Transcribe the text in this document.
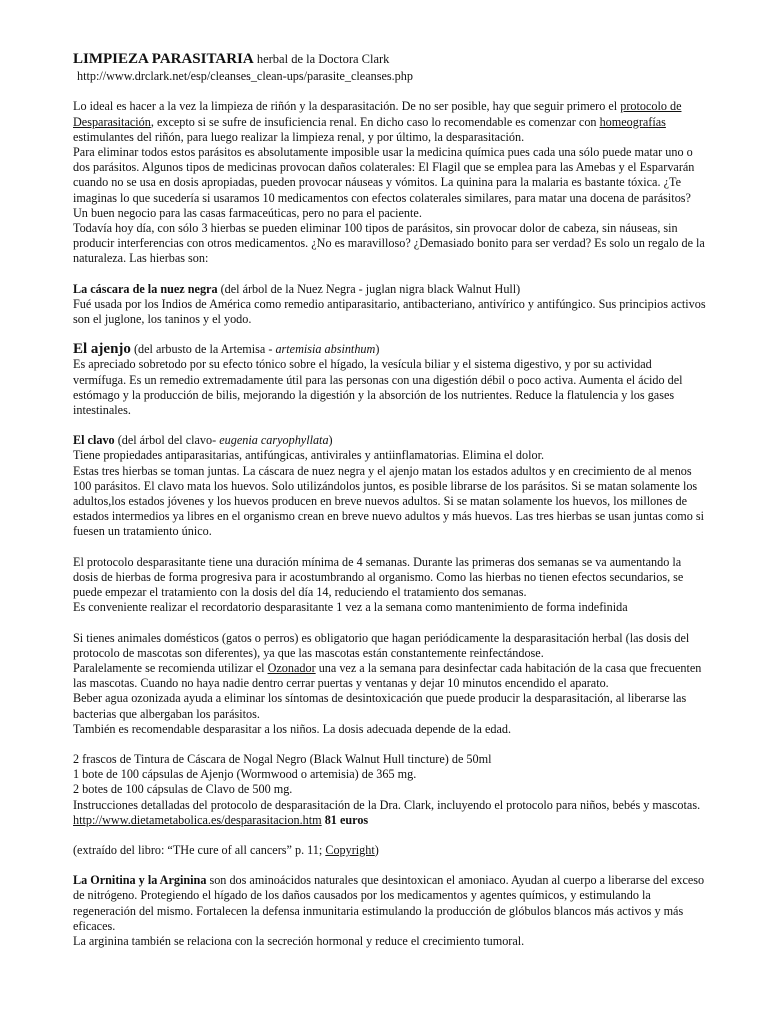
LIMPIEZA PARASITARIA herbal de la Doctora Clark

http://www.drclark.net/esp/cleanses_clean-ups/parasite_cleanses.php

Lo ideal es hacer a la vez la limpieza de riñón y la desparasitación. De no ser posible, hay que seguir primero el protocolo de Desparasitación, excepto si se sufre de insuficiencia renal. En dicho caso lo recomendable es comenzar con homeografías estimulantes del riñón, para luego realizar la limpieza renal, y por último, la desparasitación.

Para eliminar todos estos parásitos es absolutamente imposible usar la medicina química pues cada una sólo puede matar uno o dos parásitos. Algunos tipos de medicinas provocan daños colaterales: El Flagil que se emplea para las Amebas y el Esparvarán cuando no se usa en dosis apropiadas, pueden provocar náuseas y vómitos. La quinina para la malaria es bastante tóxica. ¿Te imaginas lo que sucedería si usaramos 10 medicamentos con efectos colaterales similares, para matar una docena de parásitos? Un buen negocio para las casas farmaceúticas, pero no para el paciente.

Todavía hoy día, con sólo 3 hierbas se pueden eliminar 100 tipos de parásitos, sin provocar dolor de cabeza, sin náuseas, sin producir interferencias con otros medicamentos. ¿No es maravilloso? ¿Demasiado bonito para ser verdad? Es solo un regalo de la naturaleza. Las hierbas son:

La cáscara de la nuez negra (del árbol de la Nuez Negra - juglan nigra black Walnut Hull)

Fué usada por los Indios de América como remedio antiparasitario, antibacteriano, antivírico y antifúngico. Sus principios activos son el juglone, los taninos y el yodo.

El ajenjo (del arbusto de la Artemisa - artemisia absinthum)

Es apreciado sobretodo por su efecto tónico sobre el hígado, la vesícula biliar y el sistema digestivo, y por su actividad vermífuga. Es un remedio extremadamente útil para las personas con una digestión débil o poco activa. Aumenta el ácido del estómago y la producción de bilis, mejorando la digestión y la absorción de los nutrientes. Reduce la flatulencia y los gases intestinales.

El clavo (del árbol del clavo- eugenia caryophyllata)

Tiene propiedades antiparasitarias, antifúngicas, antivirales y antiinflamatorias. Elimina el dolor.

Estas tres hierbas se toman juntas. La cáscara de nuez negra y el ajenjo matan los estados adultos y en crecimiento de al menos 100 parásitos. El clavo mata los huevos. Solo utilizándolos juntos, es posible librarse de los parásitos. Si se matan solamente los adultos,los estados jóvenes y los huevos producen en breve nuevos adultos. Si se matan solamente los huevos, los millones de estados intermedios ya libres en el organismo crean en breve nuevo adultos y más huevos. Las tres hierbas se usan juntas como si fuesen un tratamiento único.

El protocolo desparasitante tiene una duración mínima de 4 semanas. Durante las primeras dos semanas se va aumentando la dosis de hierbas de forma progresiva para ir acostumbrando al organismo. Como las hierbas no tienen efectos secundarios, se puede empezar el tratamiento con la dosis del día 14, reduciendo el tratamiento dos semanas.

Es conveniente realizar el recordatorio desparasitante 1 vez a la semana como mantenimiento de forma indefinida

Si tienes animales domésticos (gatos o perros) es obligatorio que hagan periódicamente la desparasitación herbal (las dosis del protocolo de mascotas son diferentes), ya que las mascotas están constantemente reinfectándose.

Paralelamente se recomienda utilizar el Ozonador una vez a la semana para desinfectar cada habitación de la casa que frecuenten las mascotas. Cuando no haya nadie dentro cerrar puertas y ventanas y dejar 10 minutos encendido el aparato.

Beber agua ozonizada ayuda a eliminar los síntomas de desintoxicación que puede producir la desparasitación, al liberarse las bacterias que albergaban los parásitos.

También es recomendable desparasitar a los niños. La dosis adecuada depende de la edad.

2 frascos de Tintura de Cáscara de Nogal Negro (Black Walnut Hull tincture) de 50ml

1 bote de 100 cápsulas de Ajenjo (Wormwood o artemisia) de 365 mg.

2 botes de 100 cápsulas de Clavo de 500 mg.

Instrucciones detalladas del protocolo de desparasitación de la Dra. Clark, incluyendo el protocolo para niños, bebés y mascotas. http://www.dietametabolica.es/desparasitacion.htm 81 euros

(extraído del libro: “THe cure of all cancers” p. 11; Copyright)

La Ornitina y la Arginina son dos aminoácidos naturales que desintoxican el amoniaco. Ayudan al cuerpo a liberarse del exceso de nitrógeno. Protegiendo el hígado de los daños causados por los medicamentos y agentes químicos, y estimulando la regeneración del mismo. Fortalecen la defensa inmunitaria estimulando la producción de glóbulos blancos más activos y más eficaces.

La arginina también se relaciona con la secreción hormonal y reduce el crecimiento tumoral.
